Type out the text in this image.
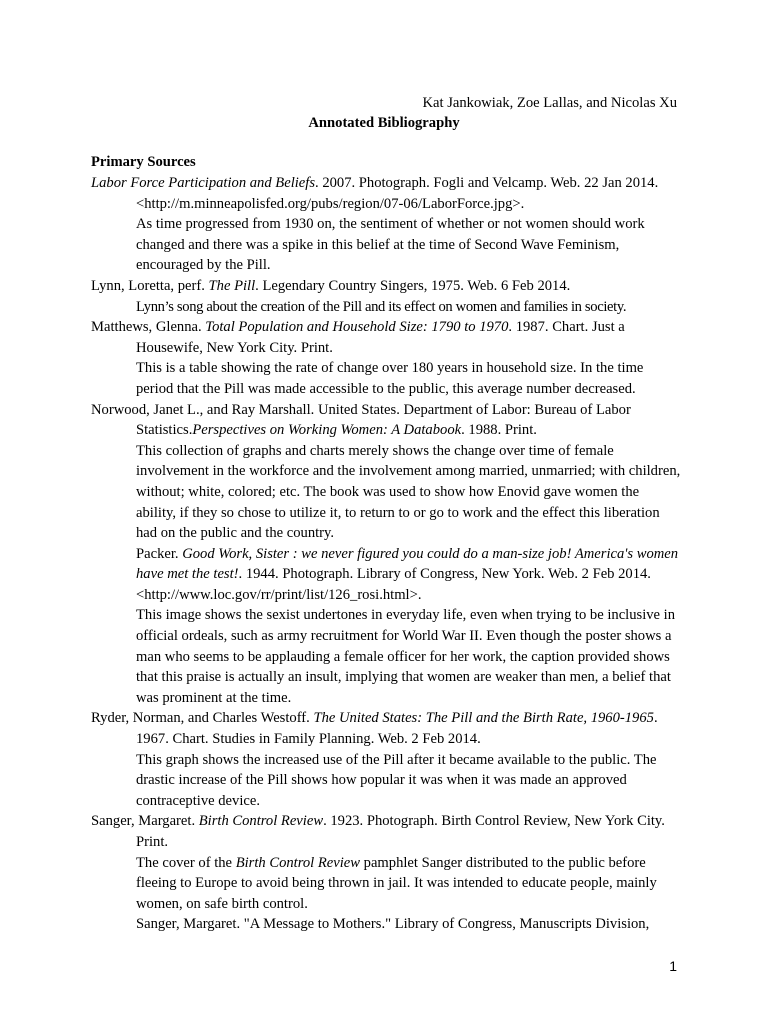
Kat Jankowiak, Zoe Lallas, and Nicolas Xu
Annotated Bibliography
Primary Sources
Labor Force Participation and Beliefs. 2007. Photograph. Fogli and Velcamp. Web. 22 Jan 2014. <http://m.minneapolisfed.org/pubs/region/07-06/LaborForce.jpg>.
As time progressed from 1930 on, the sentiment of whether or not women should work changed and there was a spike in this belief at the time of Second Wave Feminism, encouraged by the Pill.
Lynn, Loretta, perf. The Pill. Legendary Country Singers, 1975. Web. 6 Feb 2014.
Lynn’s song about the creation of the Pill and its effect on women and families in society.
Matthews, Glenna. Total Population and Household Size: 1790 to 1970. 1987. Chart. Just a Housewife, New York City. Print.
This is a table showing the rate of change over 180 years in household size. In the time period that the Pill was made accessible to the public, this average number decreased.
Norwood, Janet L., and Ray Marshall. United States. Department of Labor: Bureau of Labor Statistics.Perspectives on Working Women: A Databook. 1988. Print.
This collection of graphs and charts merely shows the change over time of female involvement in the workforce and the involvement among married, unmarried; with children, without; white, colored; etc. The book was used to show how Enovid gave women the ability, if they so chose to utilize it, to return to or go to work and the effect this liberation had on the public and the country.
Packer. Good Work, Sister : we never figured you could do a man-size job! America's women have met the test!. 1944. Photograph. Library of Congress, New York. Web. 2 Feb 2014. <http://www.loc.gov/rr/print/list/126_rosi.html>.
This image shows the sexist undertones in everyday life, even when trying to be inclusive in official ordeals, such as army recruitment for World War II. Even though the poster shows a man who seems to be applauding a female officer for her work, the caption provided shows that this praise is actually an insult, implying that women are weaker than men, a belief that was prominent at the time.
Ryder, Norman, and Charles Westoff. The United States: The Pill and the Birth Rate, 1960-1965. 1967. Chart. Studies in Family Planning. Web. 2 Feb 2014.
This graph shows the increased use of the Pill after it became available to the public. The drastic increase of the Pill shows how popular it was when it was made an approved contraceptive device.
Sanger, Margaret. Birth Control Review. 1923. Photograph. Birth Control Review, New York City. Print.
The cover of the Birth Control Review pamphlet Sanger distributed to the public before fleeing to Europe to avoid being thrown in jail. It was intended to educate people, mainly women, on safe birth control.
Sanger, Margaret. "A Message to Mothers." Library of Congress, Manuscripts Division,
1
